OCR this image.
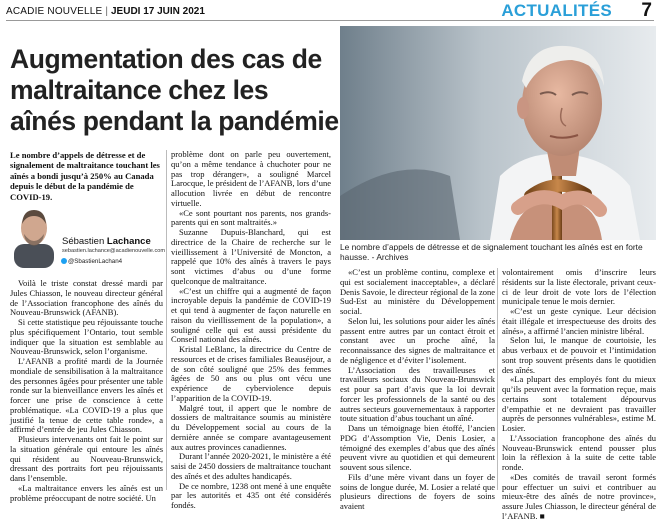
ACADIE NOUVELLE | JEUDI 17 JUIN 2021	ACTUALITÉS 7
Augmentation des cas de maltraitance chez les aînés pendant la pandémie
Le nombre d’appels de détresse et de signalement touchant les aînés est en forte hausse. - Archives
Le nombre d’appels de détresse et de signalement de maltraitance touchant les aînés a bondi jusqu’à 250% au Canada depuis le début de la pandémie de COVID-19.
Sébastien Lachance
sebastien.lachance@acadienouvelle.com
@SbastienLachan4

Voilà le triste constat dressé mardi par Jules Chiasson, le nouveau directeur général de l’Association francophone des aînés du Nouveau-Brunswick (AFANB).

Si cette statistique peu réjouissante touche plus spécifiquement l’Ontario, tout semble indiquer que la situation est semblable au Nouveau-Brunswick, selon l’organisme.

L’AFANB a profité mardi de la Journée mondiale de sensibilisation à la maltraitance des personnes âgées pour présenter une table ronde sur la bienveillance envers les aînés et forcer une prise de conscience à cette problématique. «La COVID-19 a plus que justifié la tenue de cette table ronde», a affirmé d’entrée de jeu Jules Chiasson.

Plusieurs intervenants ont fait le point sur la situation générale qui entoure les aînés qui résident au Nouveau-Brunswick, dressant des portraits fort peu réjouissants dans l’ensemble.

«La maltraitance envers les aînés est un problème préoccupant de notre société. Un

problème dont on parle peu ouvertement, qu’on a même tendance à chuchoter pour ne pas trop déranger», a souligné Marcel Larocque, le président de l’AFANB, lors d’une allocution livrée en début de rencontre virtuelle.

«Ce sont pourtant nos parents, nos grands-parents qui en sont maltraités.»

Suzanne Dupuis-Blanchard, qui est directrice de la Chaire de recherche sur le vieillissement à l’Université de Moncton, a rappelé que 10% des aînés à travers le pays sont victimes d’abus ou d’une forme quelconque de maltraitance.

«C’est un chiffre qui a augmenté de façon incroyable depuis la pandémie de COVID-19 et qui tend à augmenter de façon naturelle en raison du vieillissement de la population», a souligné celle qui est aussi présidente du Conseil national des aînés.

Kristal LeBlanc, la directrice du Centre de ressources et de crises familiales Beauséjour, a de son côté souligné que 25% des femmes âgées de 50 ans ou plus ont vécu une expérience de cyberviolence depuis l’apparition de la COVID-19.

Malgré tout, il appert que le nombre de dossiers de maltraitance soumis au ministère du Développement social au cours de la dernière année se compare avantageusement aux autres provinces canadiennes.

Durant l’année 2020-2021, le ministère a été saisi de 2450 dossiers de maltraitance touchant des aînés et des adultes handicapés.

De ce nombre, 1238 ont mené à une enquête par les autorités et 435 ont été considérés fondés.

«C’est un problème continu, complexe et qui est socialement inacceptable», a déclaré Denis Savoie, le directeur régional de la zone Sud-Est au ministère du Développement social.

Selon lui, les solutions pour aider les aînés passent entre autres par un contact étroit et constant avec un proche aîné, la reconnaissance des signes de maltraitance et de négligence et d’éviter l’isolement.

L’Association des travailleuses et travailleurs sociaux du Nouveau-Brunswick est pour sa part d’avis que la loi devrait forcer les professionnels de la santé ou des autres secteurs gouvernementaux à rapporter toute situation d’abus touchant un aîné.

Dans un témoignage bien étoffé, l’ancien PDG d’Assomption Vie, Denis Losier, a témoigné des exemples d’abus que des aînés peuvent vivre au quotidien et qui demeurent souvent sous silence.

Fils d’une mère vivant dans un foyer de soins de longue durée, M. Losier a relaté que plusieurs directions de foyers de soins avaient

volontairement omis d’inscrire leurs résidents sur la liste électorale, privant ceux-ci de leur droit de vote lors de l’élection municipale tenue le mois dernier.

«C’est un geste cynique. Leur décision était illégale et irrespectueuse des droits des aînés», a affirmé l’ancien ministre libéral.

Selon lui, le manque de courtoisie, les abus verbaux et de pouvoir et l’intimidation sont trop souvent présents dans le quotidien des aînés.

«La plupart des employés font du mieux qu’ils peuvent avec la formation reçue, mais certains sont totalement dépourvus d’empathie et ne devraient pas travailler auprès de personnes vulnérables», estime M. Losier.

L’Association francophone des aînés du Nouveau-Brunswick entend pousser plus loin la réflexion à la suite de cette table ronde.

«Des comités de travail seront formés pour effectuer un suivi et contribuer au mieux-être des aînés de notre province», assure Jules Chiasson, le directeur général de l’AFANB. ■
